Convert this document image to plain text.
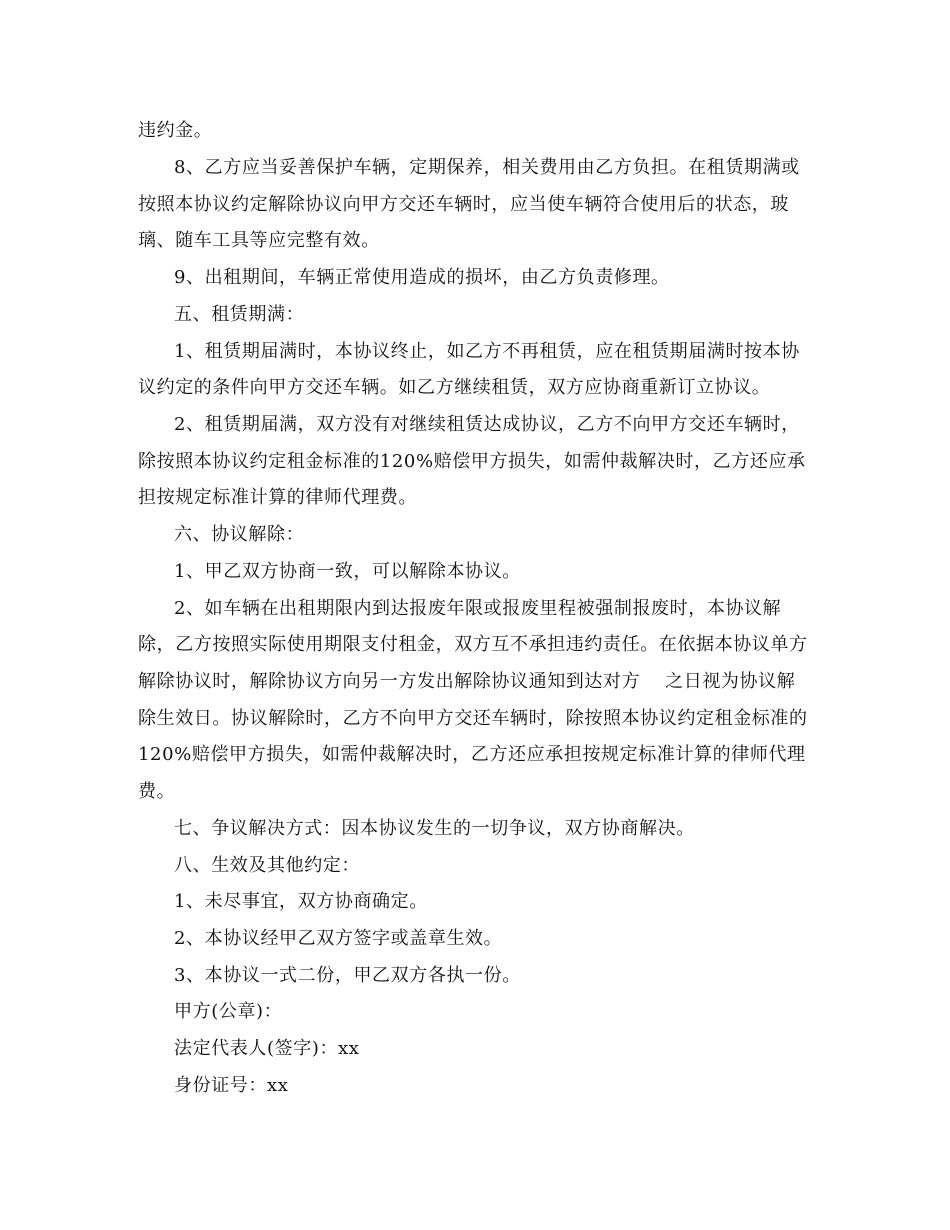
违约金。
8、乙方应当妥善保护车辆，定期保养，相关费用由乙方负担。在租赁期满或
按照本协议约定解除协议向甲方交还车辆时，应当使车辆符合使用后的状态，玻
璃、随车工具等应完整有效。
9、出租期间，车辆正常使用造成的损坏，由乙方负责修理。
五、租赁期满：
1、租赁期届满时，本协议终止，如乙方不再租赁，应在租赁期届满时按本协
议约定的条件向甲方交还车辆。如乙方继续租赁，双方应协商重新订立协议。
2、租赁期届满，双方没有对继续租赁达成协议，乙方不向甲方交还车辆时，
除按照本协议约定租金标准的120%赔偿甲方损失，如需仲裁解决时，乙方还应承
担按规定标准计算的律师代理费。
六、协议解除：
1、甲乙双方协商一致，可以解除本协议。
2、如车辆在出租期限内到达报废年限或报废里程被强制报废时，本协议解
除，乙方按照实际使用期限支付租金，双方互不承担违约责任。在依据本协议单方
解除协议时，解除协议方向另一方发出解除协议通知到达对方　 之日视为协议解
除生效日。协议解除时，乙方不向甲方交还车辆时，除按照本协议约定租金标准的
120%赔偿甲方损失，如需仲裁解决时，乙方还应承担按规定标准计算的律师代理
费。
七、争议解决方式：因本协议发生的一切争议，双方协商解决。
八、生效及其他约定：
1、未尽事宜，双方协商确定。
2、本协议经甲乙双方签字或盖章生效。
3、本协议一式二份，甲乙双方各执一份。
甲方(公章)：
法定代表人(签字)：xx
身份证号：xx
